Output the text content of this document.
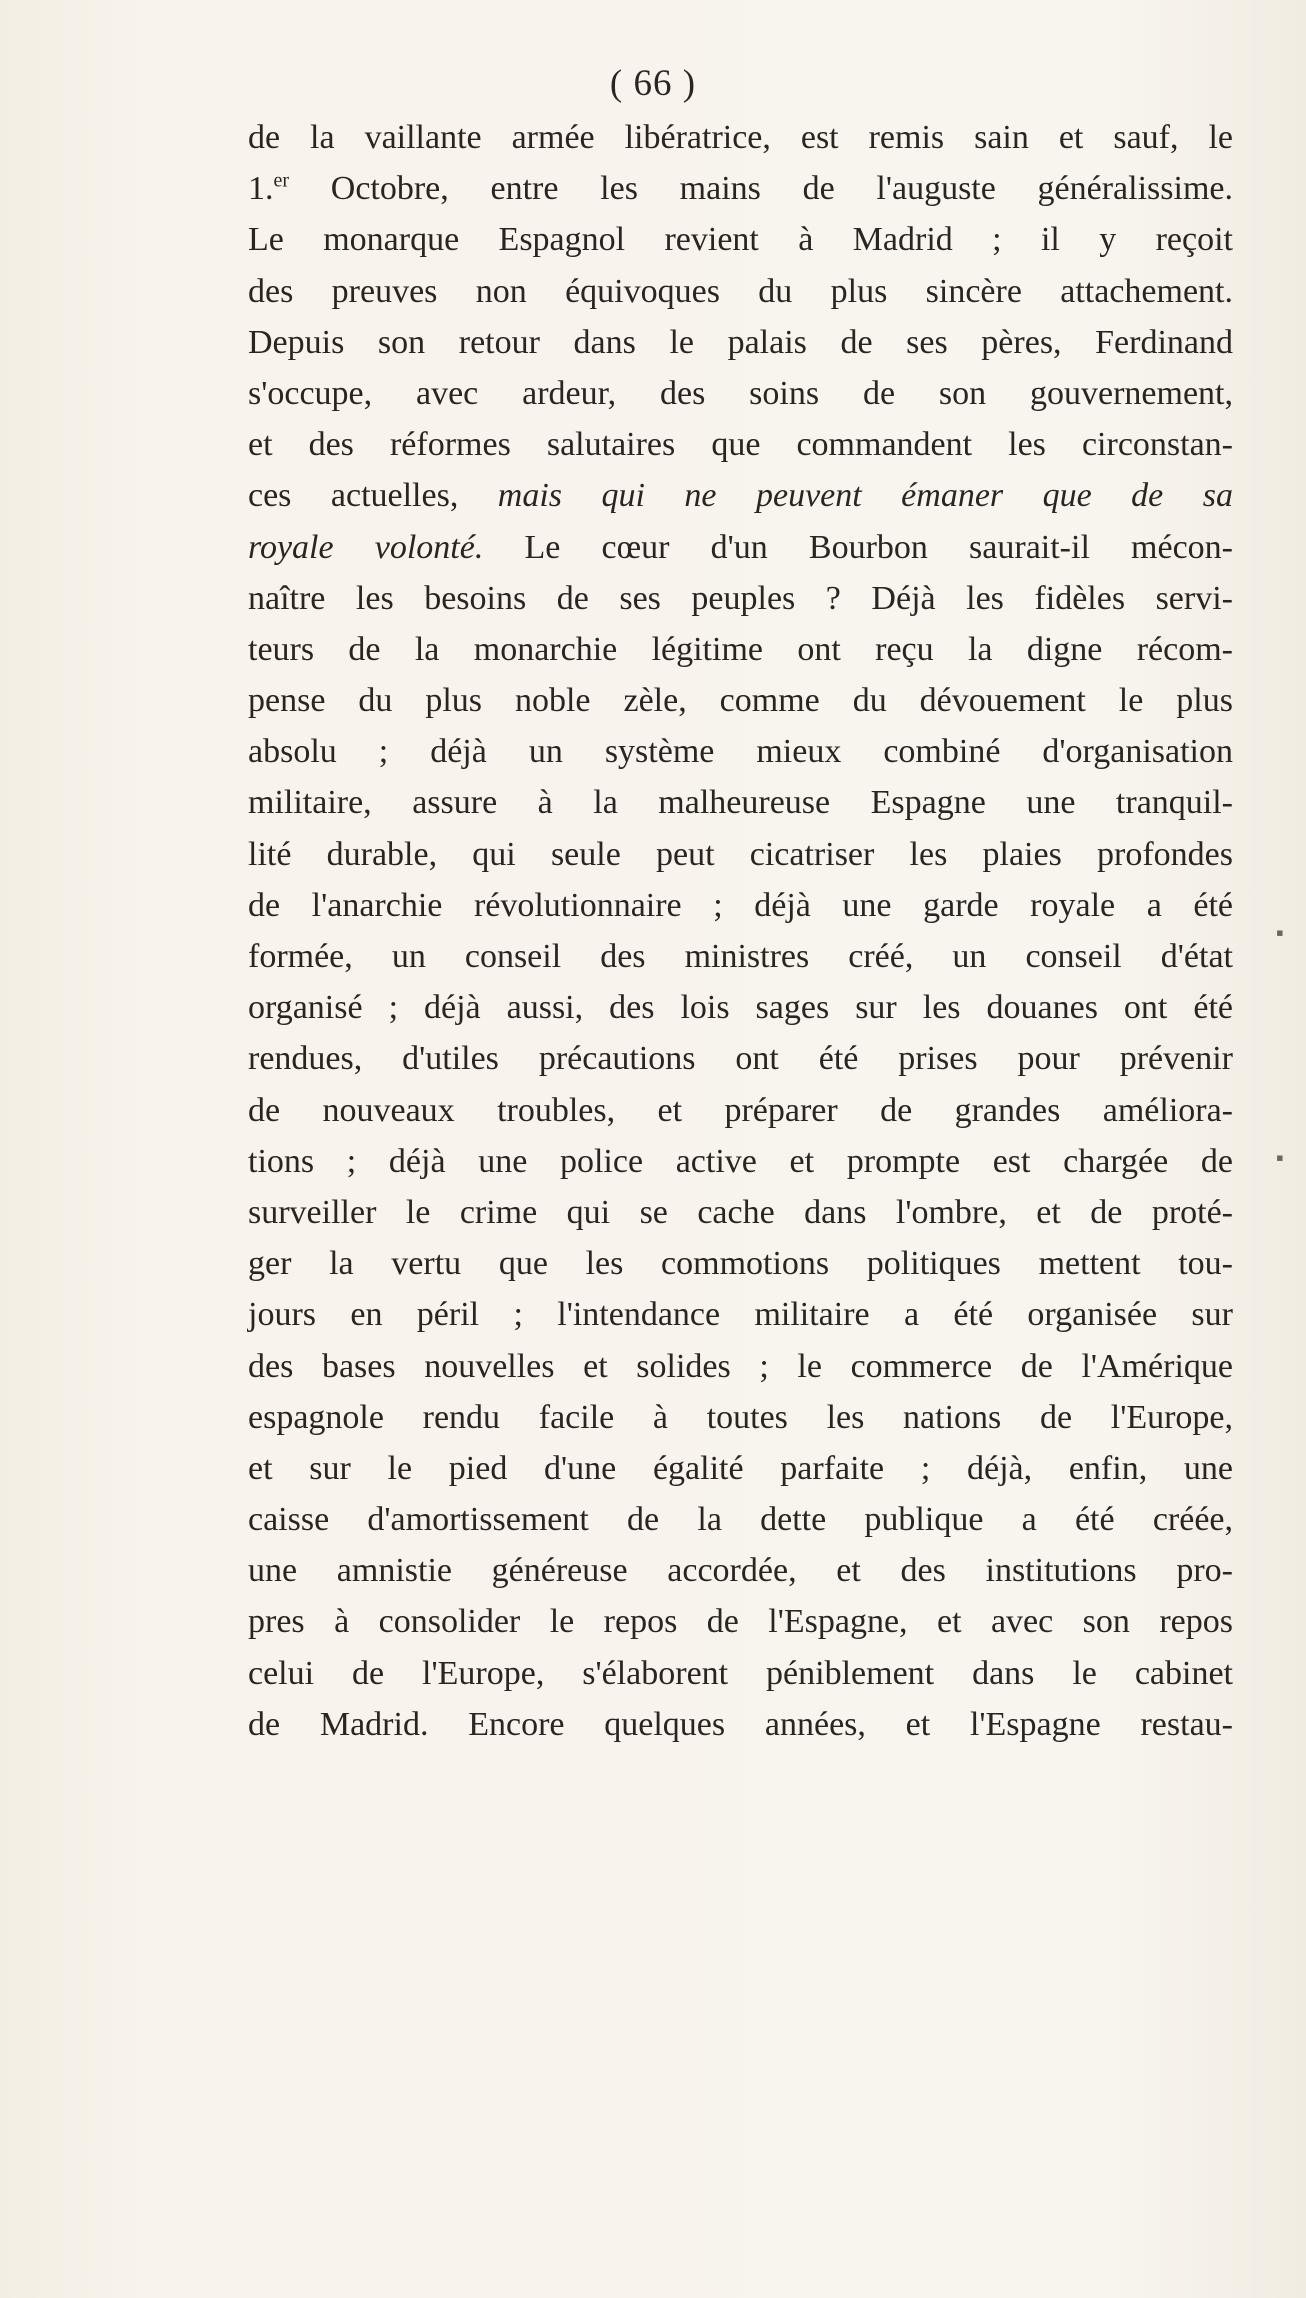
( 66 )
de la vaillante armée libératrice, est remis sain et sauf, le
1.$^{er}$ Octobre, entre les mains de l'auguste généralissime.
Le monarque Espagnol revient à Madrid ; il y reçoit
des preuves non équivoques du plus sincère attachement.
Depuis son retour dans le palais de ses pères, Ferdinand
s'occupe, avec ardeur, des soins de son gouvernement,
et des réformes salutaires que commandent les circonstan-
ces actuelles, mais qui ne peuvent émaner que de sa
royale volonté. Le cœur d'un Bourbon saurait-il mécon-
naître les besoins de ses peuples ? Déjà les fidèles servi-
teurs de la monarchie légitime ont reçu la digne récom-
pense du plus noble zèle, comme du dévouement le plus
absolu ; déjà un système mieux combiné d'organisation
militaire, assure à la malheureuse Espagne une tranquil-
lité durable, qui seule peut cicatriser les plaies profondes
de l'anarchie révolutionnaire ; déjà une garde royale a été
formée, un conseil des ministres créé, un conseil d'état
organisé ; déjà aussi, des lois sages sur les douanes ont été
rendues, d'utiles précautions ont été prises pour prévenir
de nouveaux troubles, et préparer de grandes améliora-
tions ; déjà une police active et prompte est chargée de
surveiller le crime qui se cache dans l'ombre, et de proté-
ger la vertu que les commotions politiques mettent tou-
jours en péril ; l'intendance militaire a été organisée sur
des bases nouvelles et solides ; le commerce de l'Amérique
espagnole rendu facile à toutes les nations de l'Europe,
et sur le pied d'une égalité parfaite ; déjà, enfin, une
caisse d'amortissement de la dette publique a été créée,
une amnistie généreuse accordée, et des institutions pro-
pres à consolider le repos de l'Espagne, et avec son repos
celui de l'Europe, s'élaborent péniblement dans le cabinet
de Madrid. Encore quelques années, et l'Espagne restau-
▪
▪
